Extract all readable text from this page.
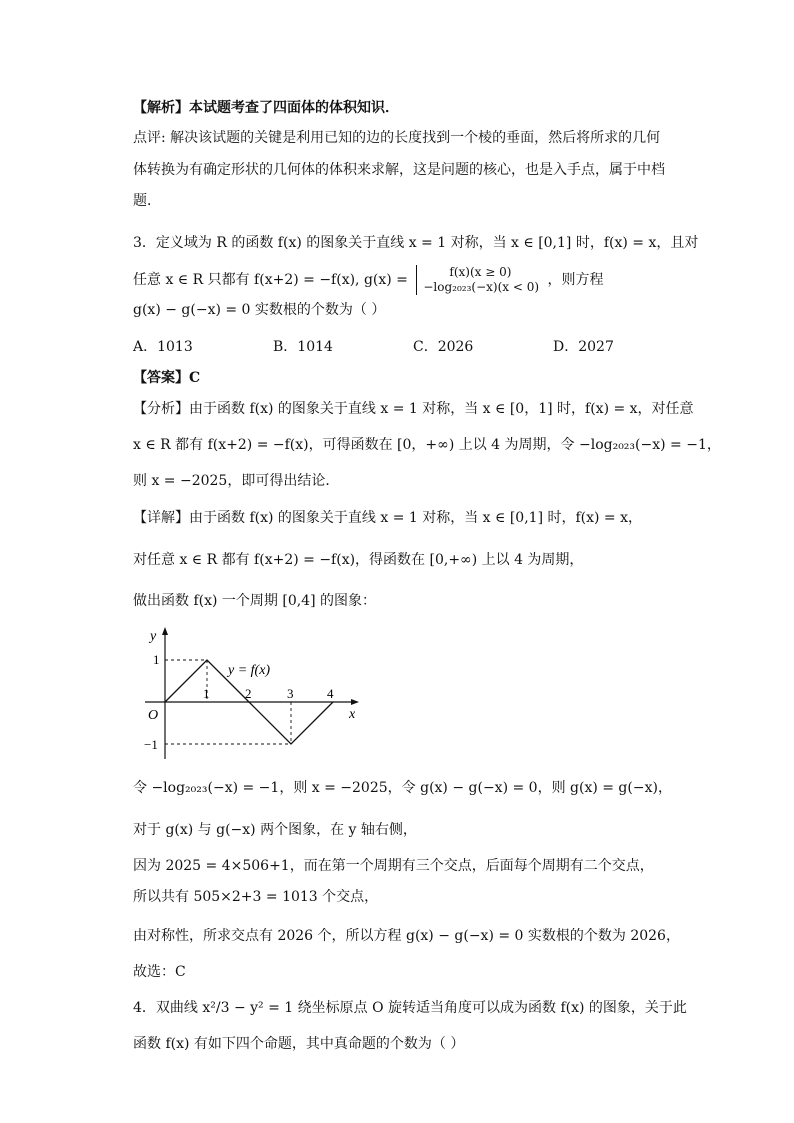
【解析】本试题考查了四面体的体积知识．
点评: 解决该试题的关键是利用已知的边的长度找到一个棱的垂面，然后将所求的几何
体转换为有确定形状的几何体的体积来求解，这是问题的核心，也是入手点，属于中档
题．
3．定义域为 R 的函数 f(x) 的图象关于直线 x = 1 对称，当 x ∈ [0,1] 时，f(x) = x，且对
任意 x ∈ R 只都有 f(x+2) = −f(x), g(x) =	f(x)(x ≥ 0)
−log₂₀₂₃(−x)(x < 0) ，则方程
g(x) − g(−x) = 0 实数根的个数为（ ）
A．1013	B．1014	C．2026	D．2027
【答案】C
【分析】由于函数 f(x) 的图象关于直线 x = 1 对称，当 x ∈ [0，1] 时，f(x) = x，对任意
x ∈ R 都有 f(x+2) = −f(x)，可得函数在 [0，+∞) 上以 4 为周期，令 −log₂₀₂₃(−x) = −1，
则 x = −2025，即可得出结论．
【详解】由于函数 f(x) 的图象关于直线 x = 1 对称，当 x ∈ [0,1] 时，f(x) = x，
对任意 x ∈ R 都有 f(x+2) = −f(x)，得函数在 [0,+∞) 上以 4 为周期，
做出函数 f(x) 一个周期 [0,4] 的图象：
y
x
O
1	2	3	4
1
−1
y = f(x)
令 −log₂₀₂₃(−x) = −1，则 x = −2025，令 g(x) − g(−x) = 0，则 g(x) = g(−x)，
对于 g(x) 与 g(−x) 两个图象，在 y 轴右侧，
因为 2025 = 4×506+1，而在第一个周期有三个交点，后面每个周期有二个交点，
所以共有 505×2+3 = 1013 个交点，
由对称性，所求交点有 2026 个，所以方程 g(x) − g(−x) = 0 实数根的个数为 2026，
故选：C
4．双曲线 x²/3 − y² = 1 绕坐标原点 O 旋转适当角度可以成为函数 f(x) 的图象，关于此
函数 f(x) 有如下四个命题，其中真命题的个数为（ ）
